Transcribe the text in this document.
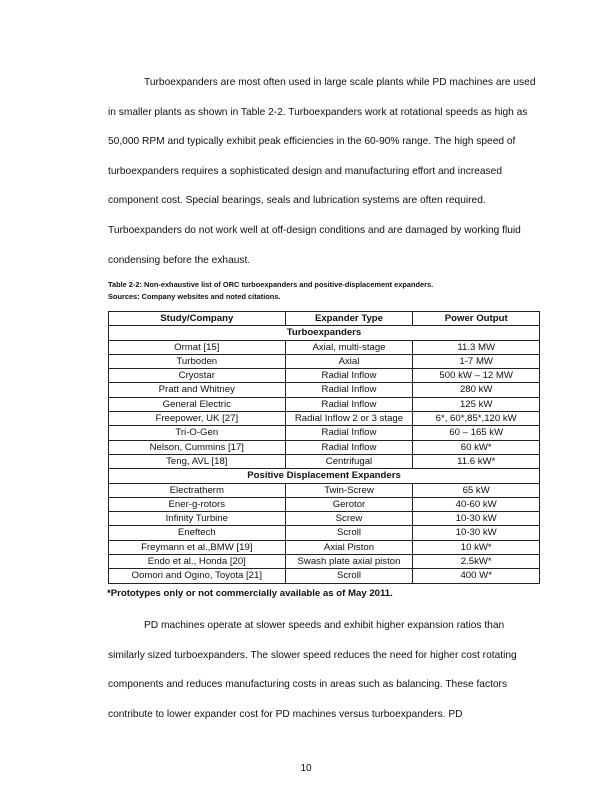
Turboexpanders are most often used in large scale plants while PD machines are used in smaller plants as shown in Table 2-2. Turboexpanders work at rotational speeds as high as 50,000 RPM and typically exhibit peak efficiencies in the 60-90% range. The high speed of turboexpanders requires a sophisticated design and manufacturing effort and increased component cost. Special bearings, seals and lubrication systems are often required. Turboexpanders do not work well at off-design conditions and are damaged by working fluid condensing before the exhaust.

Table 2-2: Non-exhaustive list of ORC turboexpanders and positive-displacement expanders.
Sources: Company websites and noted citations.
Study/Company	Expander Type	Power Output
Turboexpanders		
Ormat [15]	Axial, multi-stage	11.3 MW
Turboden	Axial	1-7 MW
Cryostar	Radial Inflow	500 kW – 12 MW
Pratt and Whitney	Radial Inflow	280 kW
General Electric	Radial Inflow	125 kW
Freepower, UK [27]	Radial Inflow 2 or 3 stage	6*, 60*,85*,120 kW
Tri-O-Gen	Radial Inflow	60 – 165 kW
Nelson, Cummins [17]	Radial Inflow	60 kW*
Teng, AVL [18]	Centrifugal	11.6 kW*
Positive Displacement Expanders		
Electratherm	Twin-Screw	65 kW
Ener-g-rotors	Gerotor	40-60 kW
Infinity Turbine	Screw	10-30 kW
Eneftech	Scroll	10-30 kW
Freymann et al.,BMW [19]	Axial Piston	10 kW*
Endo et al., Honda [20]	Swash plate axial piston	2.5kW*
Oomori and Ogino, Toyota [21]	Scroll	400 W*
*Prototypes only or not commercially available as of May 2011.

PD machines operate at slower speeds and exhibit higher expansion ratios than similarly sized turboexpanders. The slower speed reduces the need for higher cost rotating components and reduces manufacturing costs in areas such as balancing. These factors contribute to lower expander cost for PD machines versus turboexpanders. PD

10
